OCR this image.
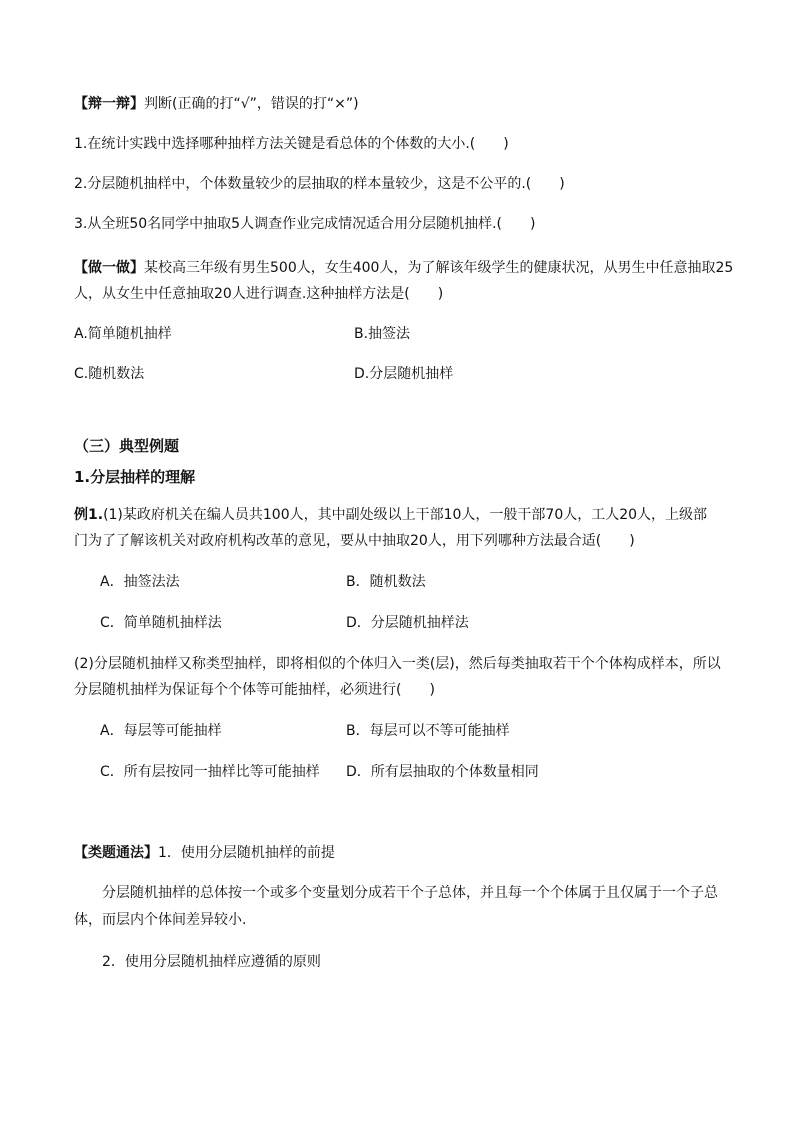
【辩一辩】判断(正确的打“√”，错误的打“×”)
1.在统计实践中选择哪种抽样方法关键是看总体的个体数的大小.(　　)
2.分层随机抽样中，个体数量较少的层抽取的样本量较少，这是不公平的.(　　)
3.从全班50名同学中抽取5人调查作业完成情况适合用分层随机抽样.(　　)
【做一做】某校高三年级有男生500人，女生400人，为了解该年级学生的健康状况，从男生中任意抽取25
人，从女生中任意抽取20人进行调查.这种抽样方法是(　　)
A.简单随机抽样	B.抽签法
C.随机数法	D.分层随机抽样
（三）典型例题
1.分层抽样的理解
例1.(1)某政府机关在编人员共100人，其中副处级以上干部10人，一般干部70人，工人20人，上级部
门为了了解该机关对政府机构改革的意见，要从中抽取20人，用下列哪种方法最合适(　　)
A．抽签法法	B．随机数法
C．简单随机抽样法	D．分层随机抽样法
(2)分层随机抽样又称类型抽样，即将相似的个体归入一类(层)，然后每类抽取若干个个体构成样本，所以
分层随机抽样为保证每个个体等可能抽样，必须进行(　　)
A．每层等可能抽样	B．每层可以不等可能抽样
C．所有层按同一抽样比等可能抽样 D．所有层抽取的个体数量相同
【类题通法】1．使用分层随机抽样的前提
分层随机抽样的总体按一个或多个变量划分成若干个子总体，并且每一个个体属于且仅属于一个子总
体，而层内个体间差异较小.
2．使用分层随机抽样应遵循的原则
